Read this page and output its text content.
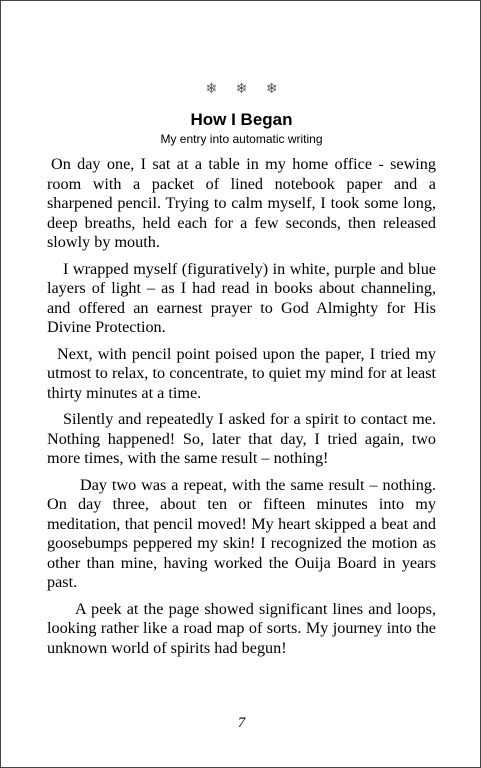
❄ ❄ ❄
How I Began

My entry into automatic writing

On day one, I sat at a table in my home office - sewing room with a packet of lined notebook paper and a sharpened pencil. Trying to calm myself, I took some long, deep breaths, held each for a few seconds, then released slowly by mouth.

I wrapped myself (figuratively) in white, purple and blue layers of light – as I had read in books about channeling, and offered an earnest prayer to God Almighty for His Divine Protection.

Next, with pencil point poised upon the paper, I tried my utmost to relax, to concentrate, to quiet my mind for at least thirty minutes at a time.

Silently and repeatedly I asked for a spirit to contact me. Nothing happened! So, later that day, I tried again, two more times, with the same result – nothing!

Day two was a repeat, with the same result – nothing. On day three, about ten or fifteen minutes into my meditation, that pencil moved! My heart skipped a beat and goosebumps peppered my skin! I recognized the motion as other than mine, having worked the Ouija Board in years past.

A peek at the page showed significant lines and loops, looking rather like a road map of sorts. My journey into the unknown world of spirits had begun!

7
